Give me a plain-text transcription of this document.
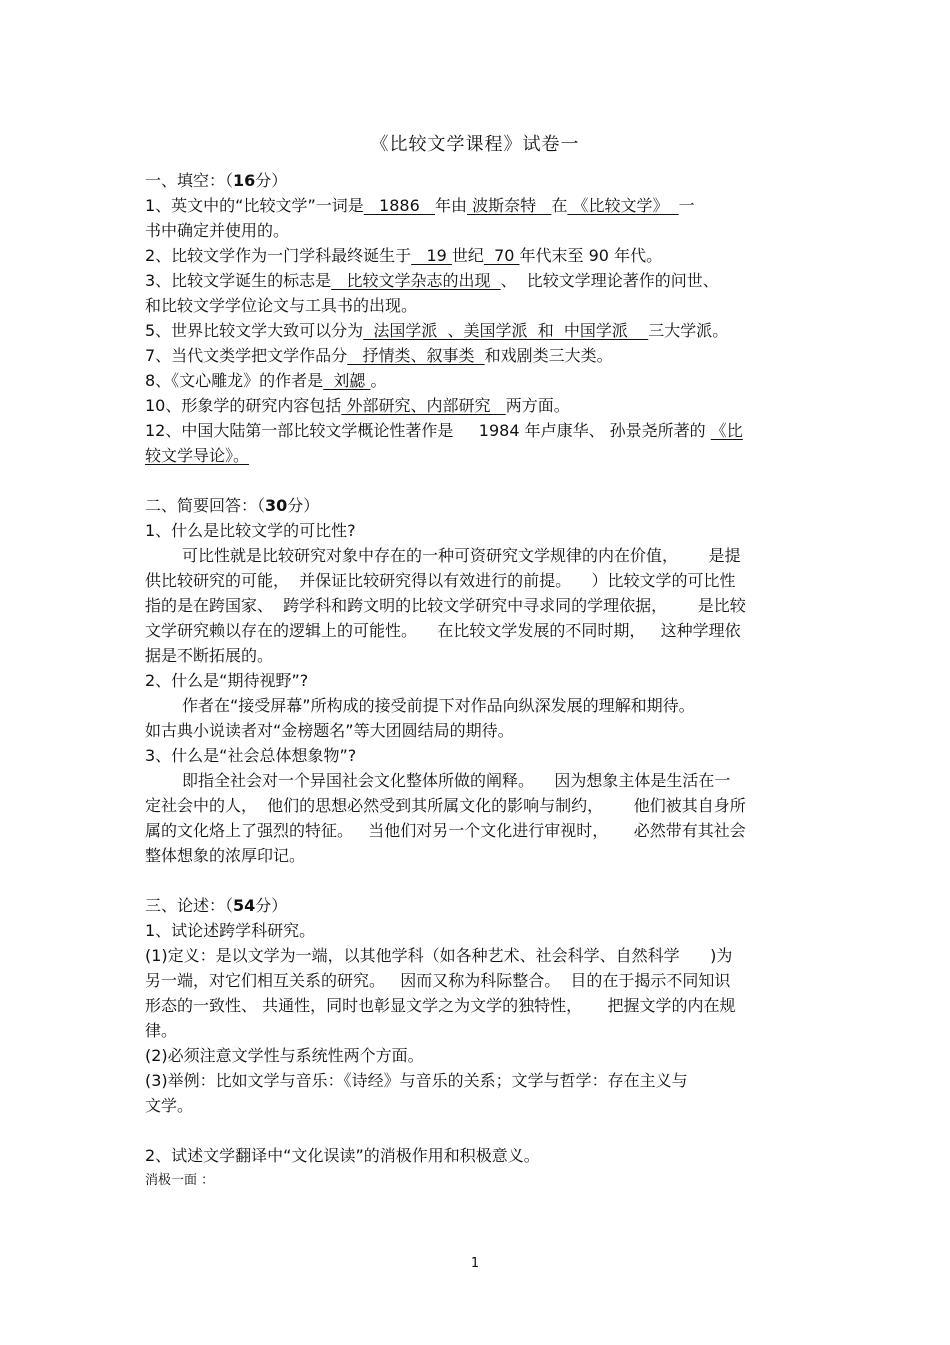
《比较文学课程》试卷一
一、填空：（16分）
1、英文中的“比较文学”一词是   1886   年由 波斯奈特   在 《比较文学》  一
书中确定并使用的。
2、比较文学作为一门学科最终诞生于   19 世纪  70 年代末至 90 年代。
3、比较文学诞生的标志是   比较文学杂志的出现  、  比较文学理论著作的问世、
和比较文学学位论文与工具书的出现。
5、世界比较文学大致可以分为  法国学派  、美国学派  和  中国学派    三大学派。
7、当代文类学把文学作品分   抒情类、叙事类  和戏剧类三大类。
8、《文心雕龙》的作者是  刘勰 。
10、形象学的研究内容包括 外部研究、内部研究   两方面。
12、中国大陆第一部比较文学概论性著作是     1984 年卢康华、 孙景尧所著的 《比
较文学导论》。
二、简要回答：（30分）
1、什么是比较文学的可比性?
可比性就是比较研究对象中存在的一种可资研究文学规律的内在价值，      是提
供比较研究的可能，  并保证比较研究得以有效进行的前提。    ）比较文学的可比性
指的是在跨国家、  跨学科和跨文明的比较文学研究中寻求同的学理依据，      是比较
文学研究赖以存在的逻辑上的可能性。    在比较文学发展的不同时期，   这种学理依
据是不断拓展的。
2、什么是“期待视野”?
作者在“接受屏幕”所构成的接受前提下对作品向纵深发展的理解和期待。
如古典小说读者对“金榜题名”等大团圆结局的期待。
3、什么是“社会总体想象物”?
即指全社会对一个异国社会文化整体所做的阐释。    因为想象主体是生活在一
定社会中的人，  他们的思想必然受到其所属文化的影响与制约，      他们被其自身所
属的文化烙上了强烈的特征。   当他们对另一个文化进行审视时，     必然带有其社会
整体想象的浓厚印记。
三、论述：（54分）
1、试论述跨学科研究。
(1)定义：是以文学为一端，以其他学科（如各种艺术、社会科学、自然科学      )为
另一端，对它们相互关系的研究。   因而又称为科际整合。  目的在于揭示不同知识
形态的一致性、 共通性，同时也彰显文学之为文学的独特性，     把握文学的内在规
律。
(2)必须注意文学性与系统性两个方面。
(3)举例：比如文学与音乐：《诗经》与音乐的关系；文学与哲学：存在主义与
文学。
2、试述文学翻译中“文化误读”的消极作用和积极意义。
消极一面 ：
1
